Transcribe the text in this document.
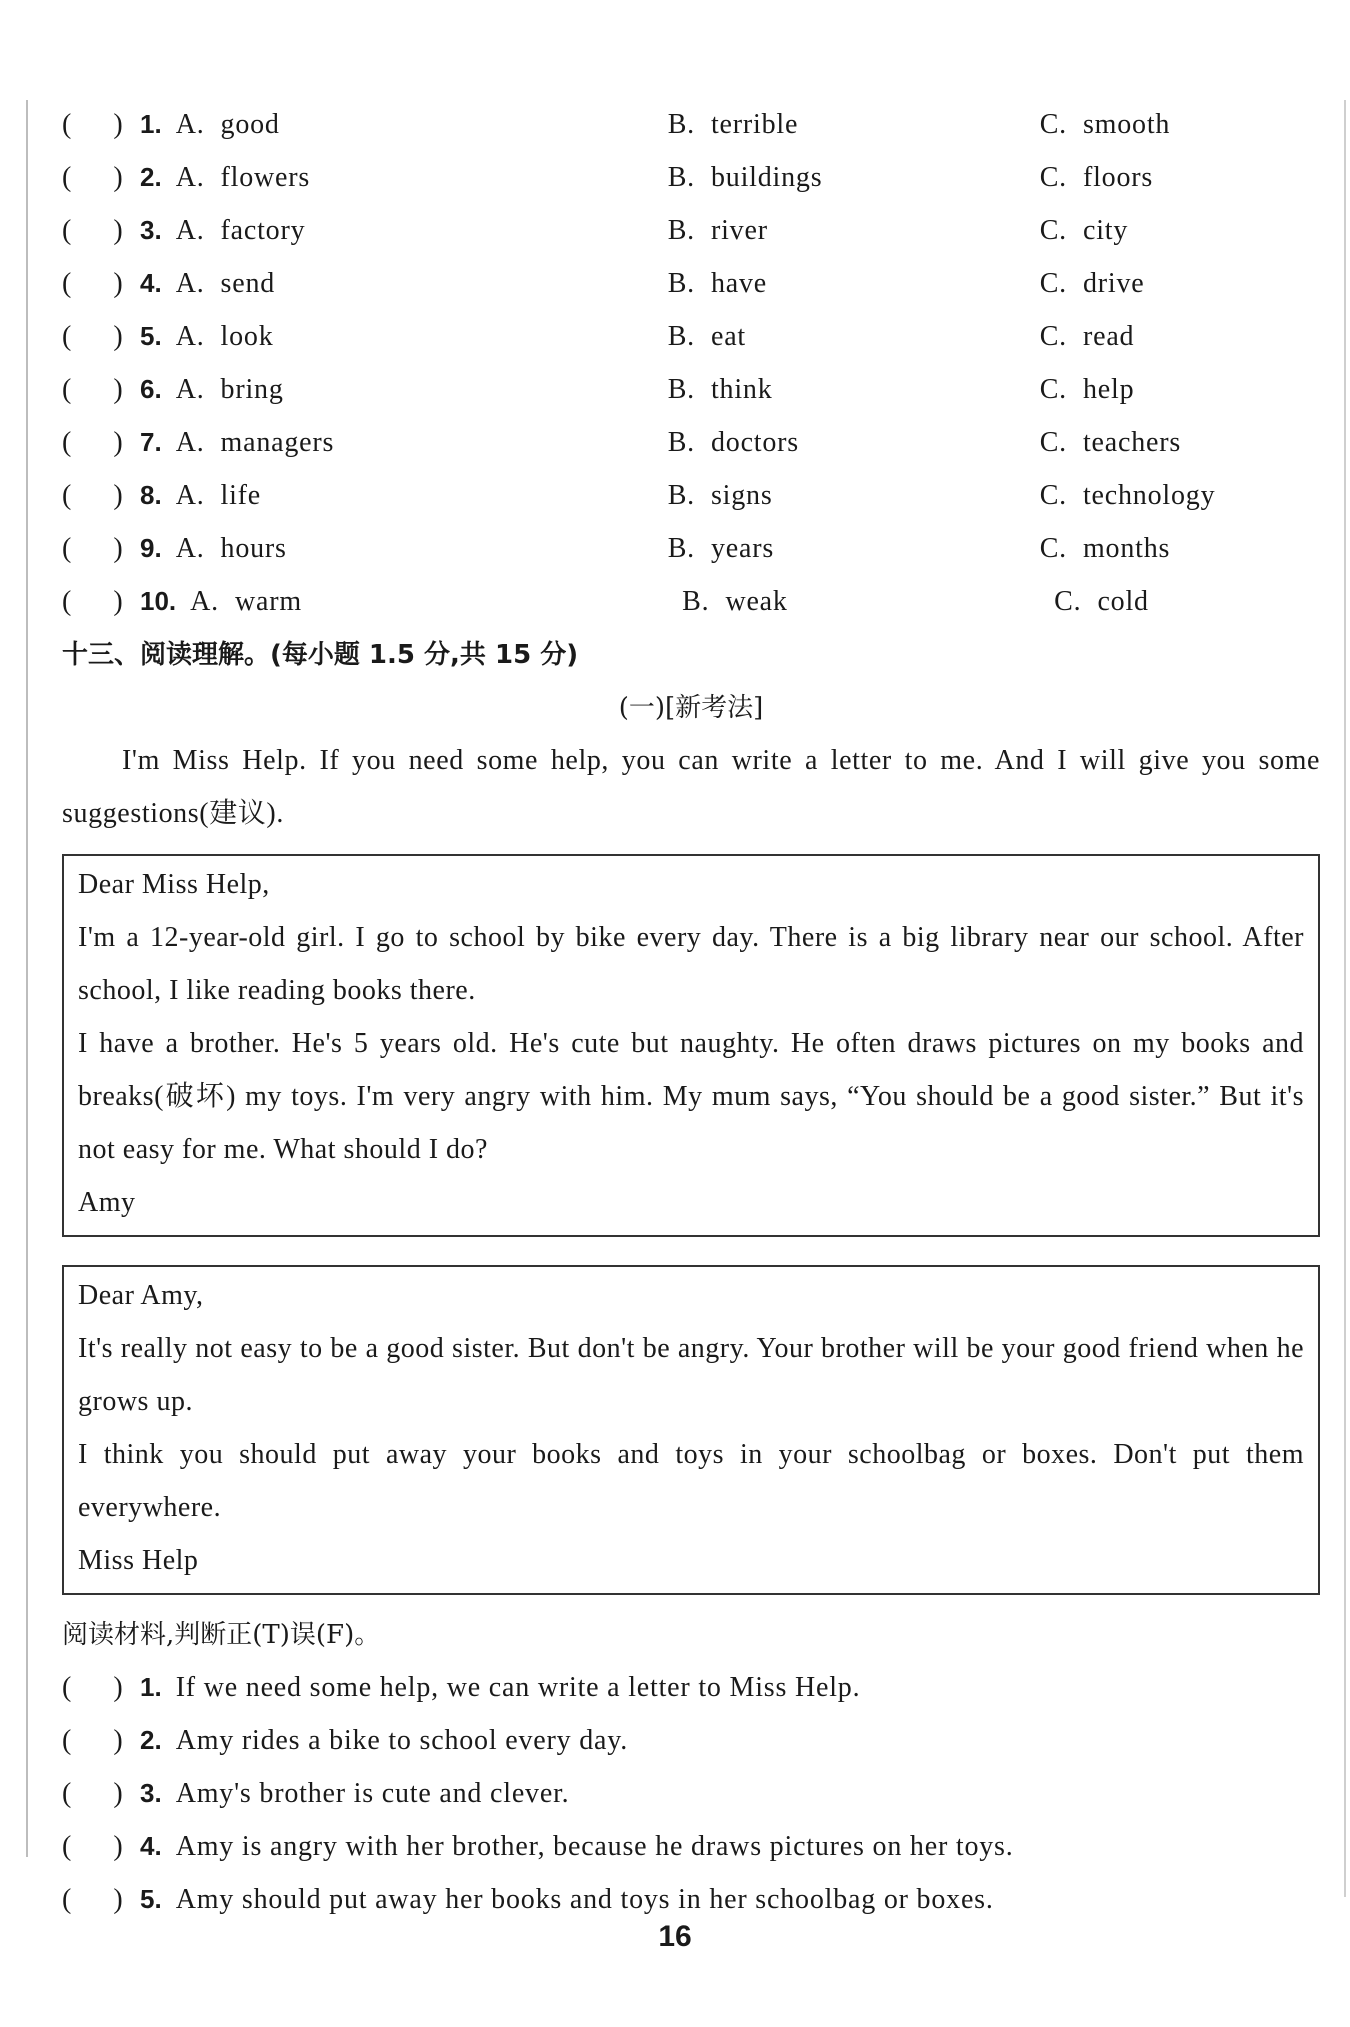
(      ) 1. A. good	B. terrible	C. smooth
(      ) 2. A. flowers	B. buildings	C. floors
(      ) 3. A. factory	B. river	C. city
(      ) 4. A. send	B. have	C. drive
(      ) 5. A. look	B. eat	C. read
(      ) 6. A. bring	B. think	C. help
(      ) 7. A. managers	B. doctors	C. teachers
(      ) 8. A. life	B. signs	C. technology
(      ) 9. A. hours	B. years	C. months
(      ) 10. A. warm	B. weak	C. cold
十三、阅读理解。(每小题 1.5 分,共 15 分)
(一)[新考法]
I'm Miss Help. If you need some help, you can write a letter to me. And I will give you some suggestions(建议).

Dear Miss Help,

I'm a 12-year-old girl. I go to school by bike every day. There is a big library near our school. After school, I like reading books there.

I have a brother. He's 5 years old. He's cute but naughty. He often draws pictures on my books and breaks(破坏) my toys. I'm very angry with him. My mum says, “You should be a good sister.” But it's not easy for me. What should I do?

Amy

Dear Amy,

It's really not easy to be a good sister. But don't be angry. Your brother will be your good friend when he grows up.

I think you should put away your books and toys in your schoolbag or boxes. Don't put them everywhere.

Miss Help

阅读材料,判断正(T)误(F)。
(      ) 1. If we need some help, we can write a letter to Miss Help.
(      ) 2. Amy rides a bike to school every day.
(      ) 3. Amy's brother is cute and clever.
(      ) 4. Amy is angry with her brother, because he draws pictures on her toys.
(      ) 5. Amy should put away her books and toys in her schoolbag or boxes.
16
